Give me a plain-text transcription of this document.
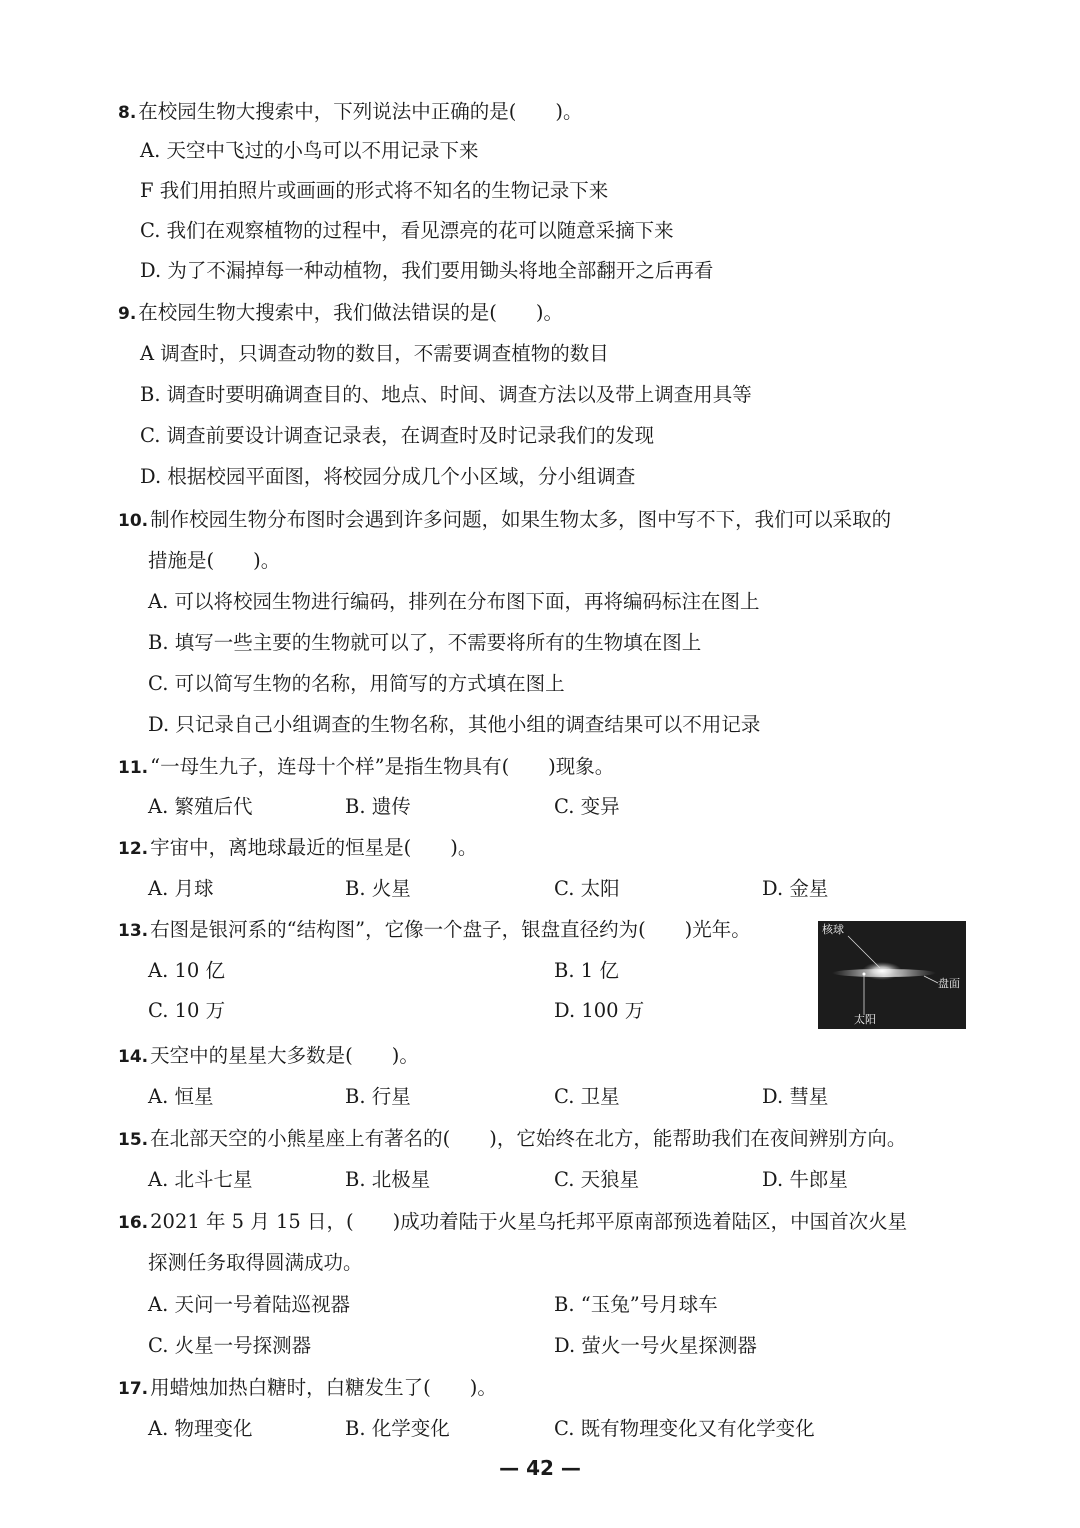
8. 在校园生物大搜索中，下列说法中正确的是(　　)。
A. 天空中飞过的小鸟可以不用记录下来
F 我们用拍照片或画画的形式将不知名的生物记录下来
C. 我们在观察植物的过程中，看见漂亮的花可以随意采摘下来
D. 为了不漏掉每一种动植物，我们要用锄头将地全部翻开之后再看
9. 在校园生物大搜索中，我们做法错误的是(　　)。
A 调查时，只调查动物的数目，不需要调查植物的数目
B. 调查时要明确调查目的、地点、时间、调查方法以及带上调查用具等
C. 调查前要设计调查记录表，在调查时及时记录我们的发现
D. 根据校园平面图，将校园分成几个小区域，分小组调查
10. 制作校园生物分布图时会遇到许多问题，如果生物太多，图中写不下，我们可以采取的
措施是(　　)。
A. 可以将校园生物进行编码，排列在分布图下面，再将编码标注在图上
B. 填写一些主要的生物就可以了，不需要将所有的生物填在图上
C. 可以简写生物的名称，用简写的方式填在图上
D. 只记录自己小组调查的生物名称，其他小组的调查结果可以不用记录
11. “一母生九子，连母十个样”是指生物具有(　　)现象。
A. 繁殖后代	B. 遗传	C. 变异
12. 宇宙中，离地球最近的恒星是(　　)。
A. 月球	B. 火星	C. 太阳	D. 金星
13. 右图是银河系的“结构图”，它像一个盘子，银盘直径约为(　　)光年。
A. 10 亿	B. 1 亿
C. 10 万	D. 100 万
核球
盘面
太阳
14. 天空中的星星大多数是(　　)。
A. 恒星	B. 行星	C. 卫星	D. 彗星
15. 在北部天空的小熊星座上有著名的(　　)，它始终在北方，能帮助我们在夜间辨别方向。
A. 北斗七星	B. 北极星	C. 天狼星	D. 牛郎星
16. 2021 年 5 月 15 日，(　　)成功着陆于火星乌托邦平原南部预选着陆区，中国首次火星
探测任务取得圆满成功。
A. 天问一号着陆巡视器	B. “玉兔”号月球车
C. 火星一号探测器	D. 萤火一号火星探测器
17. 用蜡烛加热白糖时，白糖发生了(　　)。
A. 物理变化	B. 化学变化	C. 既有物理变化又有化学变化
— 42 —
